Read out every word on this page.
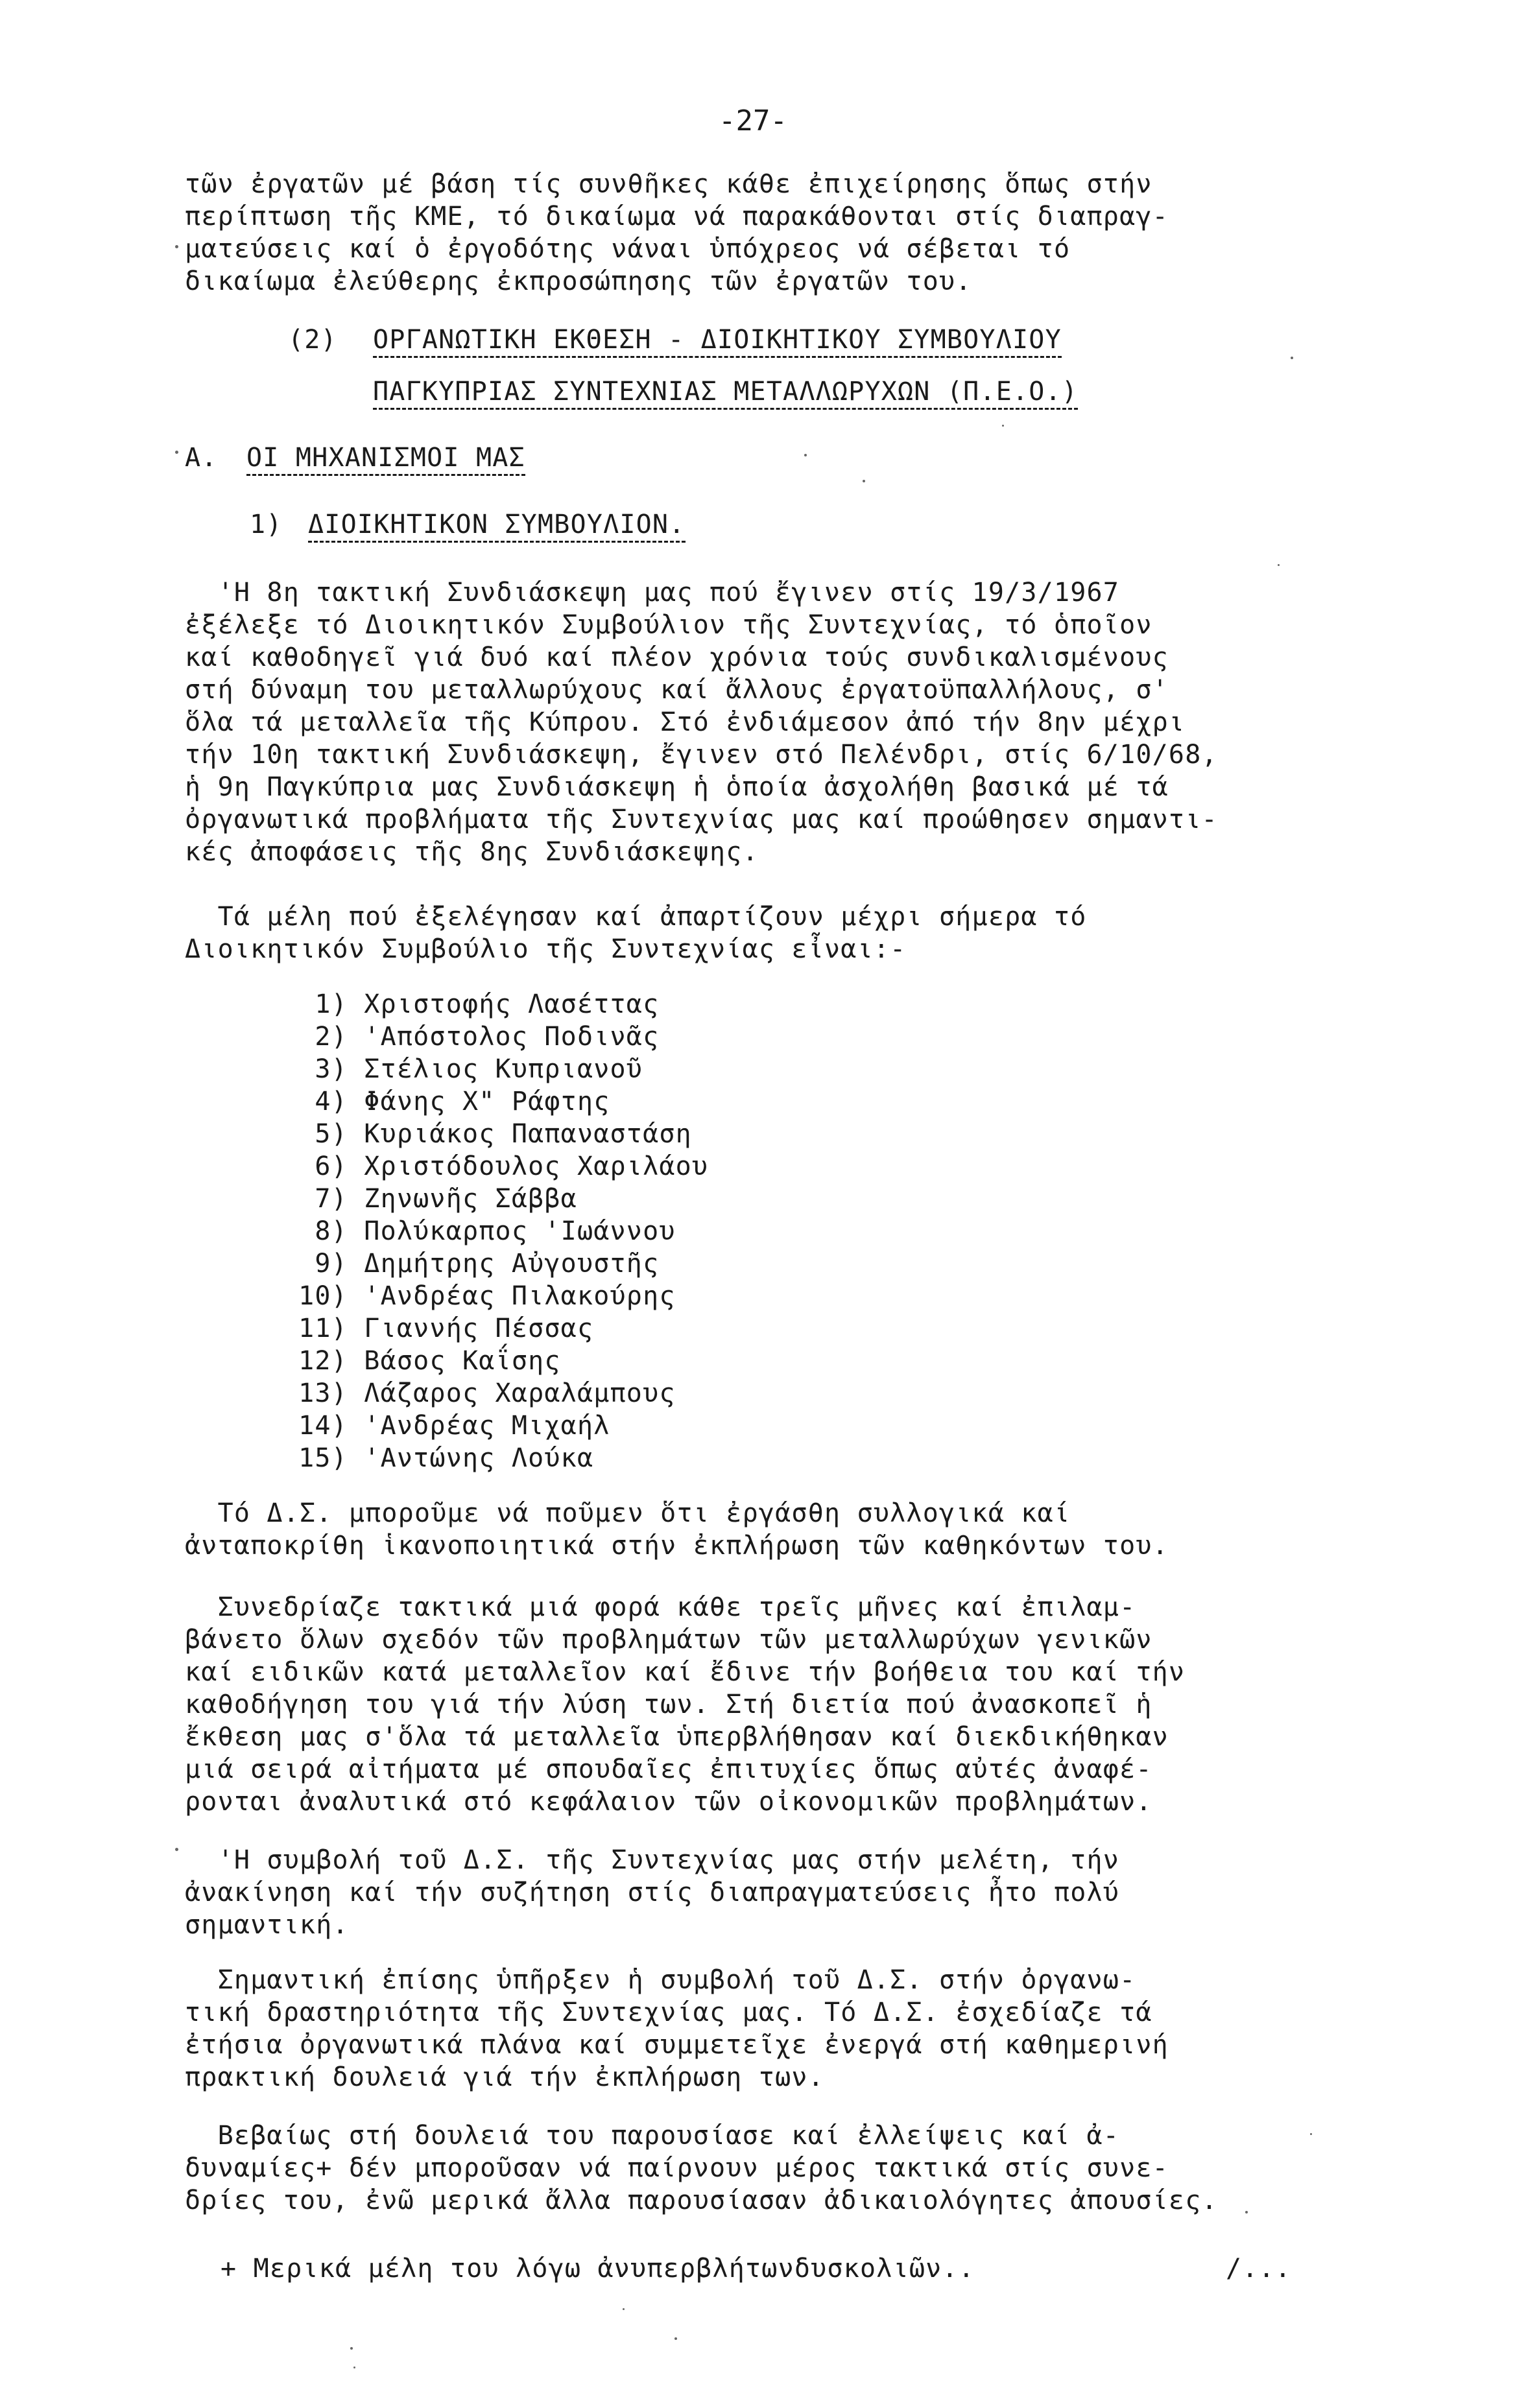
-27-
τῶν ἐργατῶν μέ βάση τίς συνθῆκες κάθε ἐπιχείρησης ὅπως στήν
περίπτωση τῆς ΚΜΕ, τό δικαίωμα νά παρακάθονται στίς διαπραγ-
ματεύσεις καί ὁ ἐργοδότης νάναι ὑπόχρεος νά σέβεται τό
δικαίωμα ἐλεύθερης ἐκπροσώπησης τῶν ἐργατῶν του.
(2) ΟΡΓΑΝΩΤΙΚΗ ΕΚΘΕΣΗ - ΔΙΟΙΚΗΤΙΚΟΥ ΣΥΜΒΟΥΛΙΟΥ
ΠΑΓΚΥΠΡΙΑΣ ΣΥΝΤΕΧΝΙΑΣ ΜΕΤΑΛΛΩΡΥΧΩΝ (Π.Ε.Ο.)
Α. ΟΙ ΜΗΧΑΝΙΣΜΟΙ ΜΑΣ
1) ΔΙΟΙΚΗΤΙΚΟΝ ΣΥΜΒΟΥΛΙΟΝ.
'Η 8η τακτική Συνδιάσκεψη μας πού ἔγινεν στίς 19/3/1967
ἐξέλεξε τό Διοικητικόν Συμβούλιον τῆς Συντεχνίας, τό ὁποῖον
καί καθοδηγεῖ γιά δυό καί πλέον χρόνια τούς συνδικαλισμένους
στή δύναμη του μεταλλωρύχους καί ἄλλους ἐργατοϋπαλλήλους, σ'
ὅλα τά μεταλλεῖα τῆς Κύπρου. Στό ἐνδιάμεσον ἀπό τήν 8ην μέχρι
τήν 10η τακτική Συνδιάσκεψη, ἔγινεν στό Πελένδρι, στίς 6/10/68,
ἡ 9η Παγκύπρια μας Συνδιάσκεψη ἡ ὁποία ἀσχολήθη βασικά μέ τά
ὀργανωτικά προβλήματα τῆς Συντεχνίας μας καί προώθησεν σημαντι-
κές ἀποφάσεις τῆς 8ης Συνδιάσκεψης.
Τά μέλη πού ἐξελέγησαν καί ἀπαρτίζουν μέχρι σήμερα τό
Διοικητικόν Συμβούλιο τῆς Συντεχνίας εἶναι:-
1) Χριστοφής Λασέττας
2) 'Απόστολος Ποδινᾶς
3) Στέλιος Κυπριανοῦ
4) Φάνης Χ" Ράφτης
5) Κυριάκος Παπαναστάση
6) Χριστόδουλος Χαριλάου
7) Ζηνωνῆς Σάββα
8) Πολύκαρπος 'Ιωάννου
9) Δημήτρης Αὐγουστῆς
10) 'Ανδρέας Πιλακούρης
11) Γιαννής Πέσσας
12) Βάσος Καΐσης
13) Λάζαρος Χαραλάμπους
14) 'Ανδρέας Μιχαήλ
15) 'Αντώνης Λούκα
Τό Δ.Σ. μποροῦμε νά ποῦμεν ὅτι ἐργάσθη συλλογικά καί
ἀνταποκρίθη ἱκανοποιητικά στήν ἐκπλήρωση τῶν καθηκόντων του.
Συνεδρίαζε τακτικά μιά φορά κάθε τρεῖς μῆνες καί ἐπιλαμ-
βάνετο ὅλων σχεδόν τῶν προβλημάτων τῶν μεταλλωρύχων γενικῶν
καί ειδικῶν κατά μεταλλεῖον καί ἔδινε τήν βοήθεια του καί τήν
καθοδήγηση του γιά τήν λύση των. Στή διετία πού ἀνασκοπεῖ ἡ
ἔκθεση μας σ'ὅλα τά μεταλλεῖα ὑπερβλήθησαν καί διεκδικήθηκαν
μιά σειρά αἰτήματα μέ σπουδαῖες ἐπιτυχίες ὅπως αὐτές ἀναφέ-
ρονται ἀναλυτικά στό κεφάλαιον τῶν οἰκονομικῶν προβλημάτων.
'Η συμβολή τοῦ Δ.Σ. τῆς Συντεχνίας μας στήν μελέτη, τήν
ἀνακίνηση καί τήν συζήτηση στίς διαπραγματεύσεις ἦτο πολύ
σημαντική.
Σημαντική ἐπίσης ὑπῆρξεν ἡ συμβολή τοῦ Δ.Σ. στήν ὀργανω-
τική δραστηριότητα τῆς Συντεχνίας μας. Τό Δ.Σ. ἐσχεδίαζε τά
ἐτήσια ὀργανωτικά πλάνα καί συμμετεῖχε ἐνεργά στή καθημερινή
πρακτική δουλειά γιά τήν ἐκπλήρωση των.
Βεβαίως στή δουλειά του παρουσίασε καί ἐλλείψεις καί ἀ-
δυναμίες+ δέν μποροῦσαν νά παίρνουν μέρος τακτικά στίς συνε-
δρίες του, ἐνῶ μερικά ἄλλα παρουσίασαν ἀδικαιολόγητες ἀπουσίες.
+ Μερικά μέλη του λόγω ἀνυπερβλήτωνδυσκολιῶν..	/...
